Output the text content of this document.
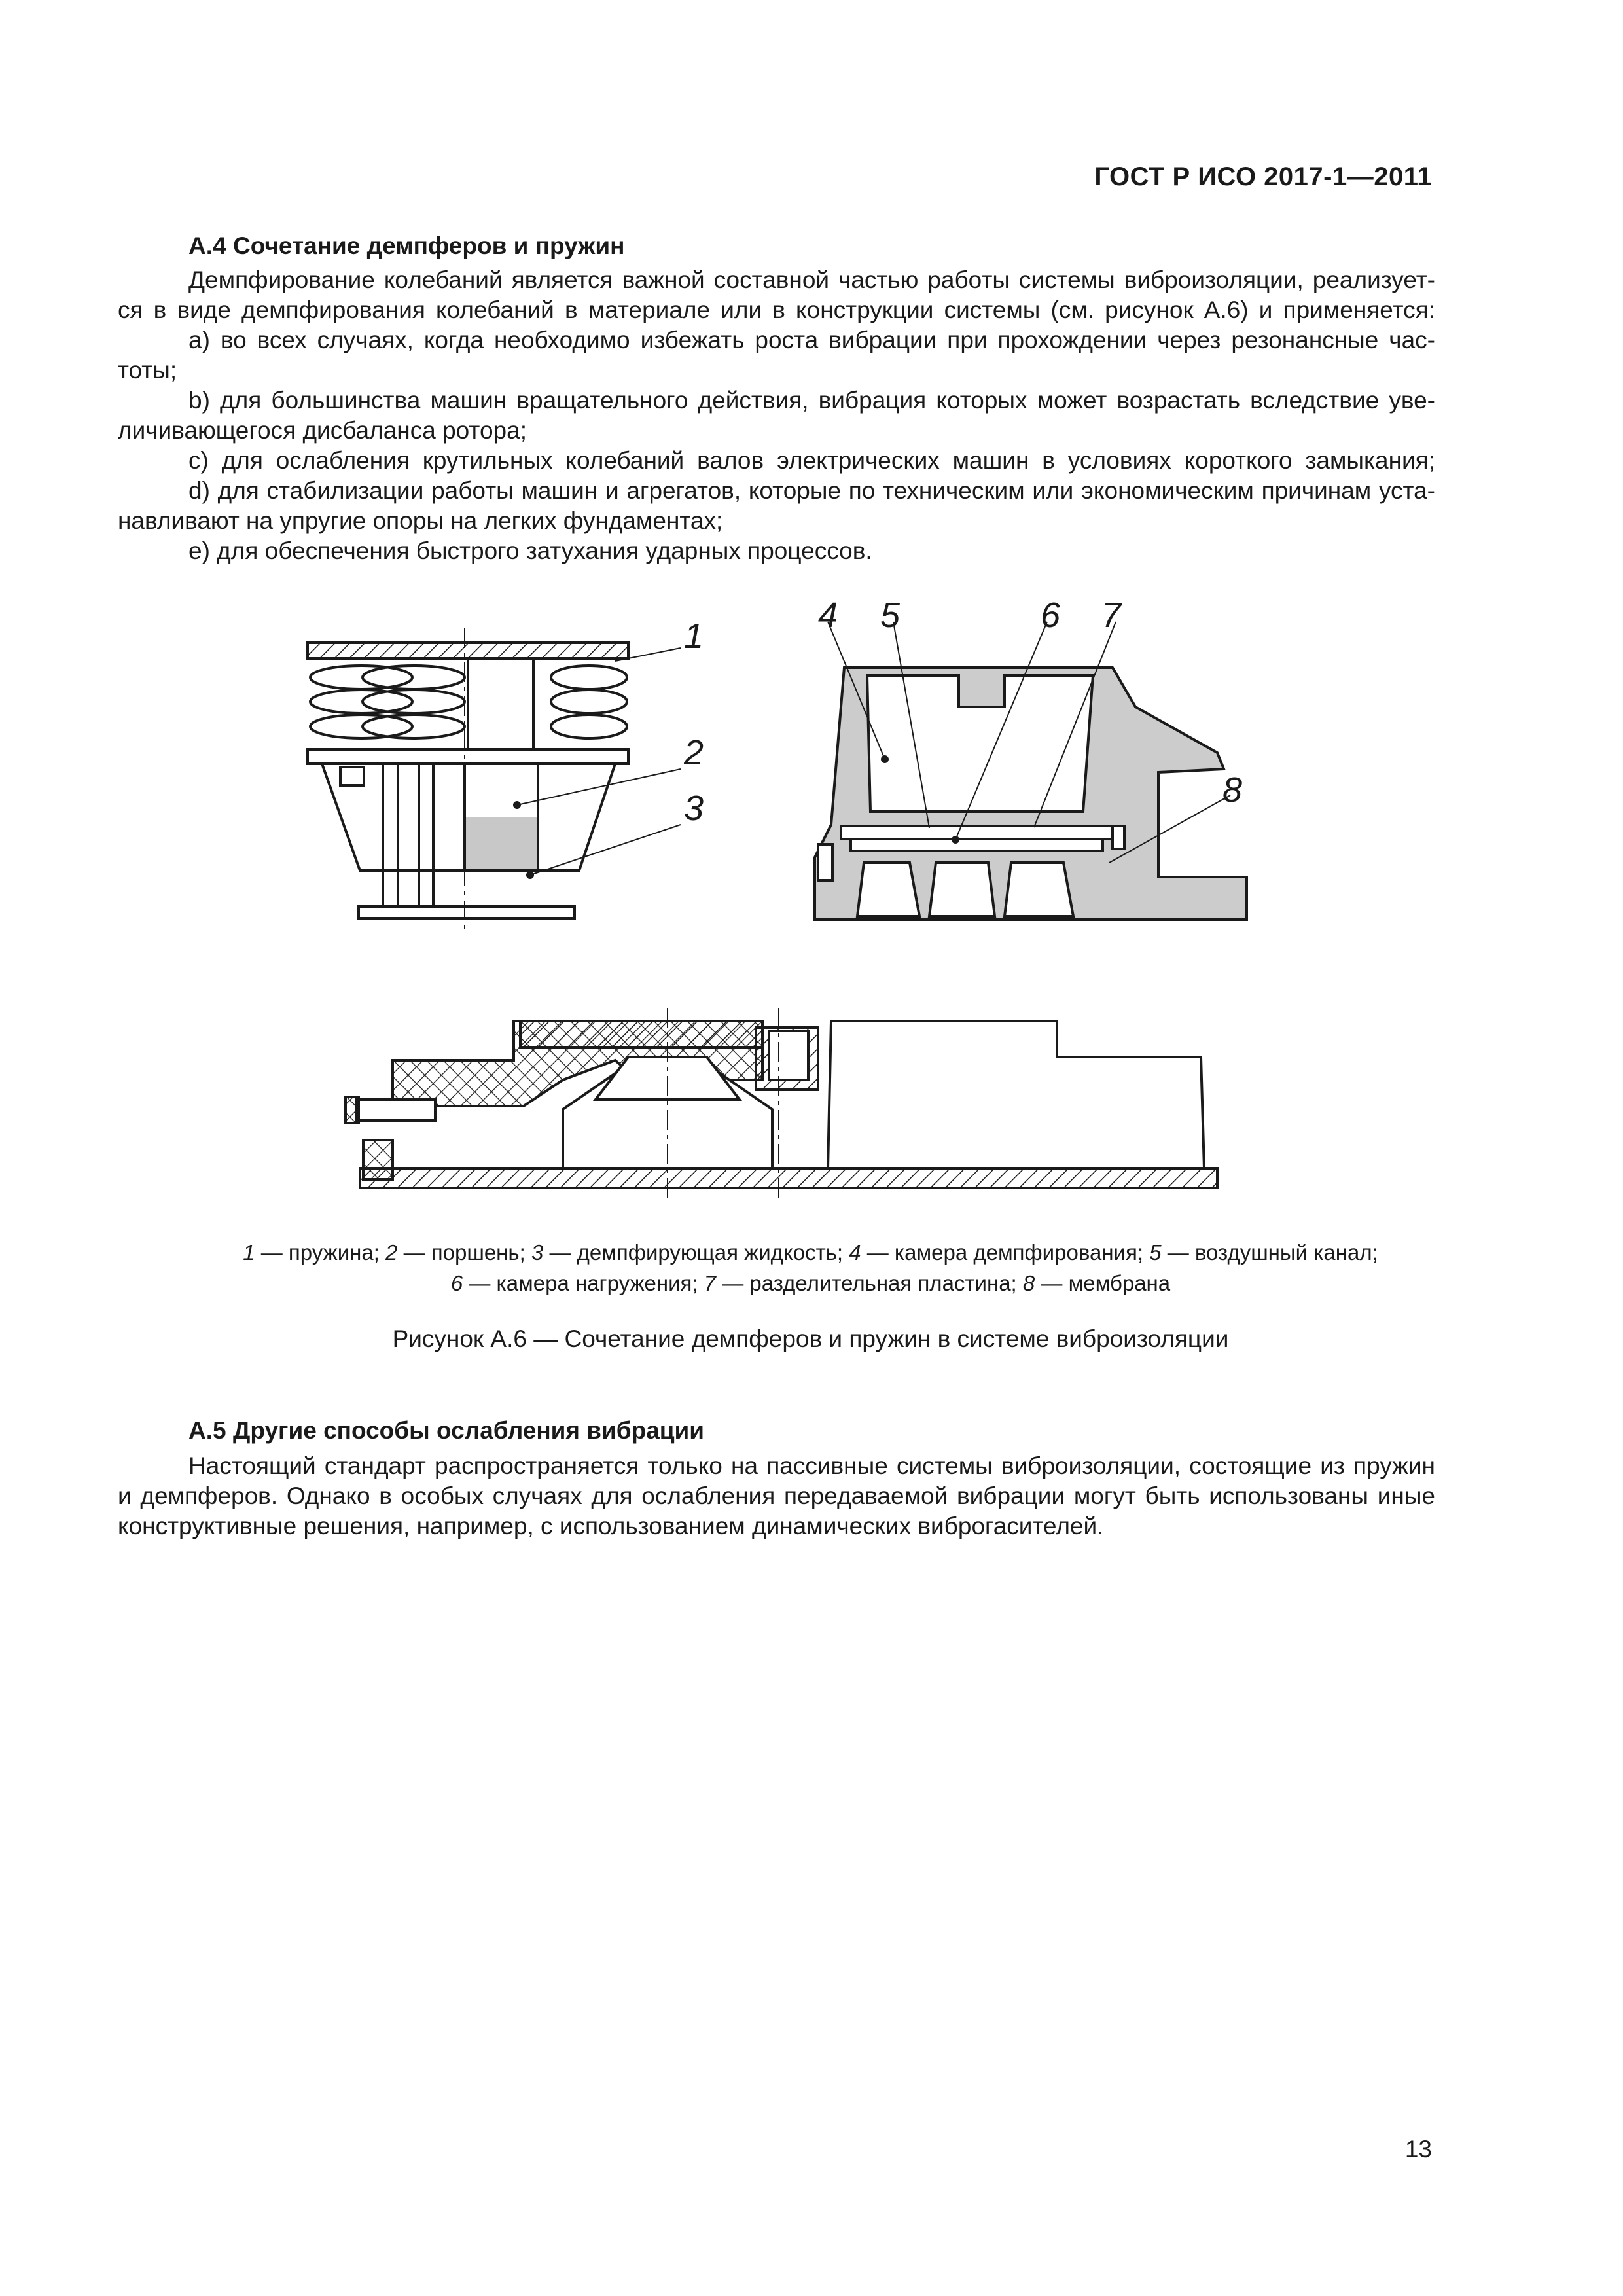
ГОСТ Р ИСО 2017-1—2011
А.4 Сочетание демпферов и пружин
Демпфирование колебаний является важной составной частью работы системы виброизоляции, реализует-
ся в виде демпфирования колебаний в материале или в конструкции системы (см. рисунок А.6) и применяется:
а) во всех случаях, когда необходимо избежать роста вибрации при прохождении через резонансные час-
тоты;
b) для большинства машин вращательного действия, вибрация которых может возрастать вследствие уве-
личивающегося дисбаланса ротора;
c) для ослабления крутильных колебаний валов электрических машин в условиях короткого замыкания;
d) для стабилизации работы машин и агрегатов, которые по техническим или экономическим причинам уста-
навливают на упругие опоры на легких фундаментах;
e) для обеспечения быстрого затухания ударных процессов.
1
2
3
4 5	6 7
8
1 — пружина; 2 — поршень; 3 — демпфирующая жидкость; 4 — камера демпфирования; 5 — воздушный канал;
6 — камера нагружения; 7 — разделительная пластина; 8 — мембрана
Рисунок А.6 — Сочетание демпферов и пружин в системе виброизоляции
А.5 Другие способы ослабления вибрации
Настоящий стандарт распространяется только на пассивные системы виброизоляции, состоящие из пружин
и демпферов. Однако в особых случаях для ослабления передаваемой вибрации могут быть использованы иные
конструктивные решения, например, с использованием динамических виброгасителей.
13
